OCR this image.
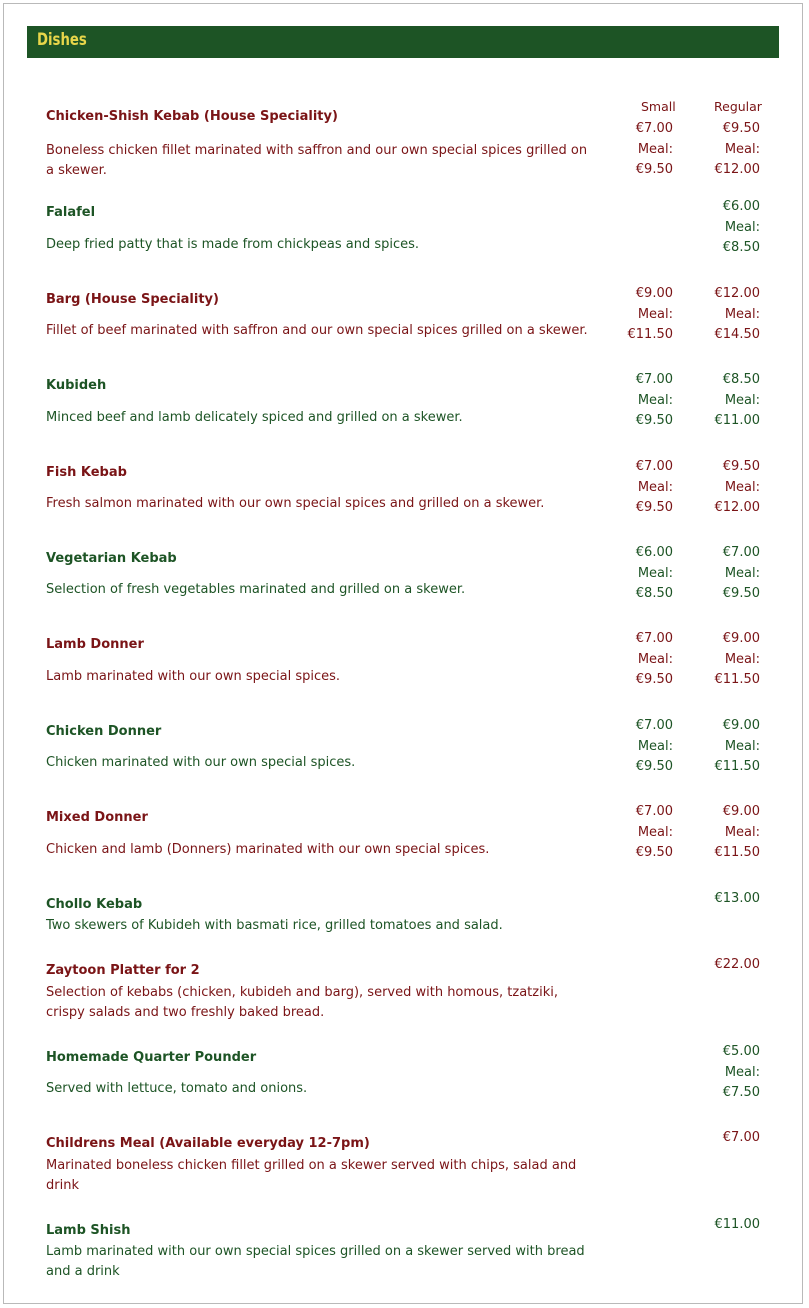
Dishes
Small	Regular
Chicken-Shish Kebab (House Speciality)
Boneless chicken fillet marinated with saffron and our own special spices grilled on a skewer.
€7.00
Meal:
€9.50
€9.50
Meal:
€12.00
Falafel
Deep fried patty that is made from chickpeas and spices.
€6.00
Meal:
€8.50
Barg (House Speciality)
Fillet of beef marinated with saffron and our own special spices grilled on a skewer.
€9.00
Meal:
€11.50
€12.00
Meal:
€14.50
Kubideh
Minced beef and lamb delicately spiced and grilled on a skewer.
€7.00
Meal:
€9.50
€8.50
Meal:
€11.00
Fish Kebab
Fresh salmon marinated with our own special spices and grilled on a skewer.
€7.00
Meal:
€9.50
€9.50
Meal:
€12.00
Vegetarian Kebab
Selection of fresh vegetables marinated and grilled on a skewer.
€6.00
Meal:
€8.50
€7.00
Meal:
€9.50
Lamb Donner
Lamb marinated with our own special spices.
€7.00
Meal:
€9.50
€9.00
Meal:
€11.50
Chicken Donner
Chicken marinated with our own special spices.
€7.00
Meal:
€9.50
€9.00
Meal:
€11.50
Mixed Donner
Chicken and lamb (Donners) marinated with our own special spices.
€7.00
Meal:
€9.50
€9.00
Meal:
€11.50
Chollo Kebab
Two skewers of Kubideh with basmati rice, grilled tomatoes and salad.
€13.00
Zaytoon Platter for 2
Selection of kebabs (chicken, kubideh and barg), served with homous, tzatziki, crispy salads and two freshly baked bread.
€22.00
Homemade Quarter Pounder
Served with lettuce, tomato and onions.
€5.00
Meal:
€7.50
Childrens Meal (Available everyday 12-7pm)
Marinated boneless chicken fillet grilled on a skewer served with chips, salad and drink
€7.00
Lamb Shish
Lamb marinated with our own special spices grilled on a skewer served with bread and a drink
€11.00
